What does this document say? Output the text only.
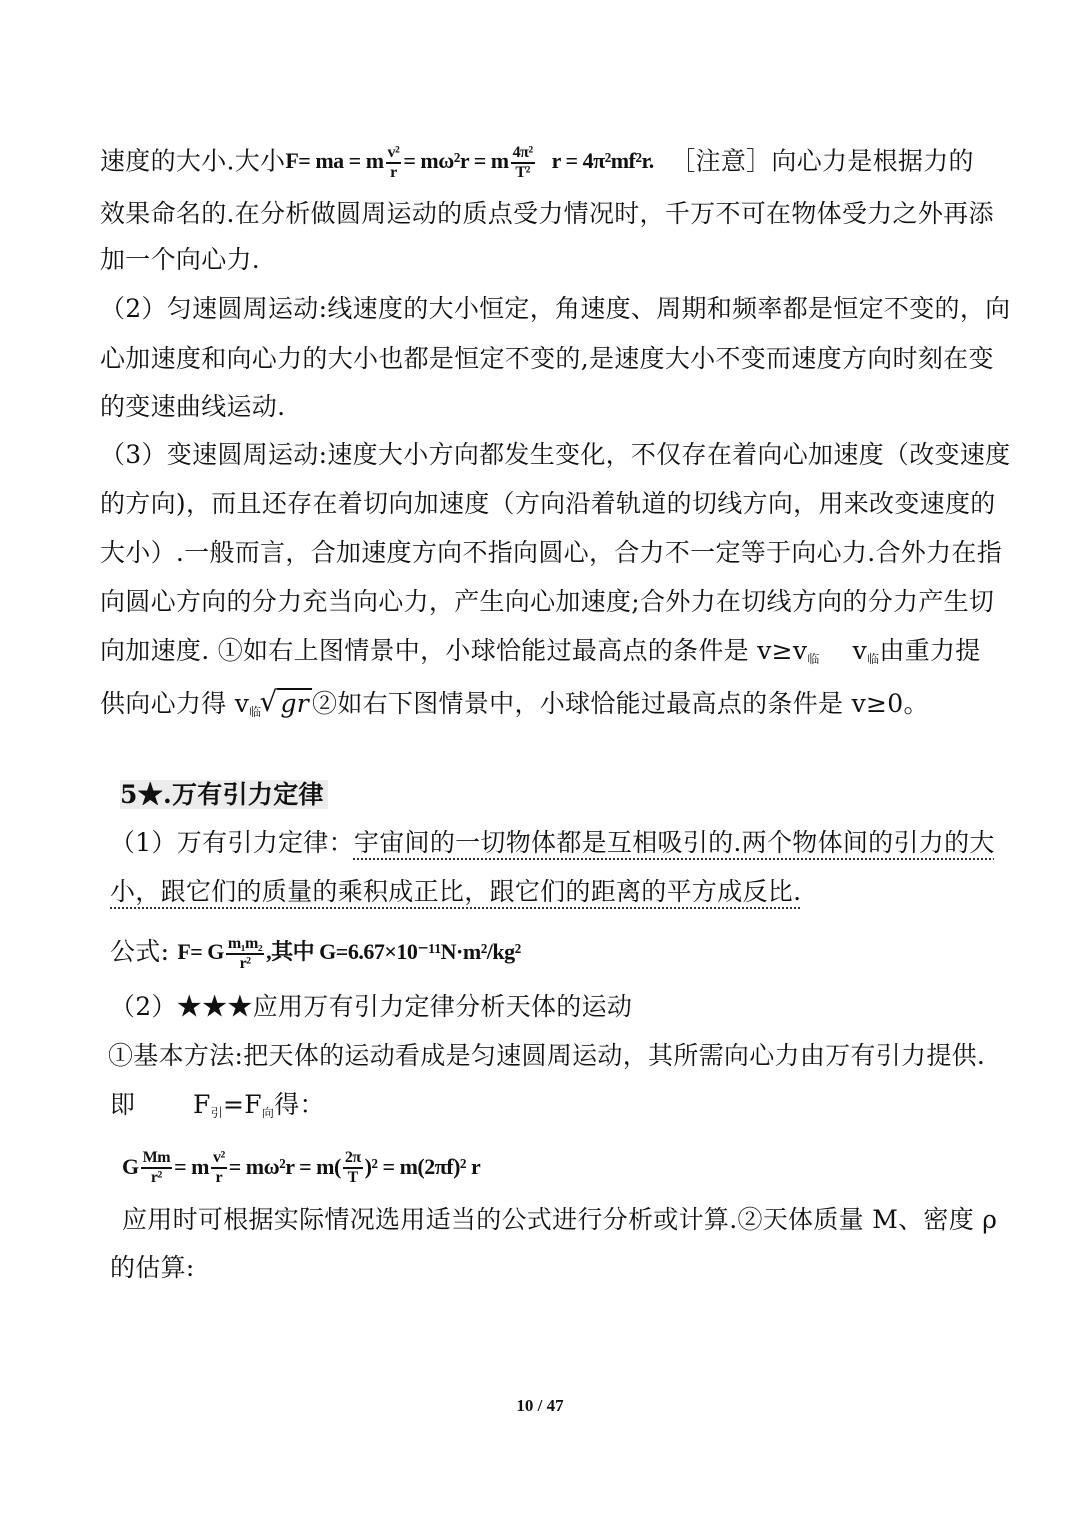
速度的大小.大小F= ma = m $\frac{\text{v²}}{r} = m\omega^2r = m \frac{\text{4π²}}{\text{T²}}$ r = 4π²mf²r. ［注意］向心力是根据力的
效果命名的.在分析做圆周运动的质点受力情况时，千万不可在物体受力之外再添
加一个向心力.
（2）匀速圆周运动:线速度的大小恒定，角速度、周期和频率都是恒定不变的，向
心加速度和向心力的大小也都是恒定不变的,是速度大小不变而速度方向时刻在变
的变速曲线运动.
（3）变速圆周运动:速度大小方向都发生变化，不仅存在着向心加速度（改变速度
的方向)，而且还存在着切向加速度（方向沿着轨道的切线方向，用来改变速度的
大小）.一般而言，合加速度方向不指向圆心，合力不一定等于向心力.合外力在指
向圆心方向的分力充当向心力，产生向心加速度;合外力在切线方向的分力产生切
向加速度. ①如右上图情景中，小球恰能过最高点的条件是 $v\ge v_临$ $v_临$由重力提
供向心力得 $v_临√$ gr ②如右下图情景中，小球恰能过最高点的条件是 v≥0。
5★.万有引力定律
（1）万有引力定律：宇宙间的一切物体都是互相吸引的.两个物体间的引力的大
小，跟它们的质量的乘积成正比，跟它们的距离的平方成反比.
公式: F= G $\frac{\text{m₁m₂}}{\text{r²}}$ ,其中 G=6.67×10⁻¹¹N·m²/kg²
（2）★★★应用万有引力定律分析天体的运动
①基本方法:把天体的运动看成是匀速圆周运动，其所需向心力由万有引力提供.
即 $F_引=F_向$得：
G $\frac{Mm}{\text{r²}} = m \frac{\text{v²}}{r} = m\omega^2r = m( \frac{2\pi}{T} )^2 = m(2\pi f)^2$ r
应用时可根据实际情况选用适当的公式进行分析或计算.②天体质量 M、密度 ρ
的估算:
10 / 47
